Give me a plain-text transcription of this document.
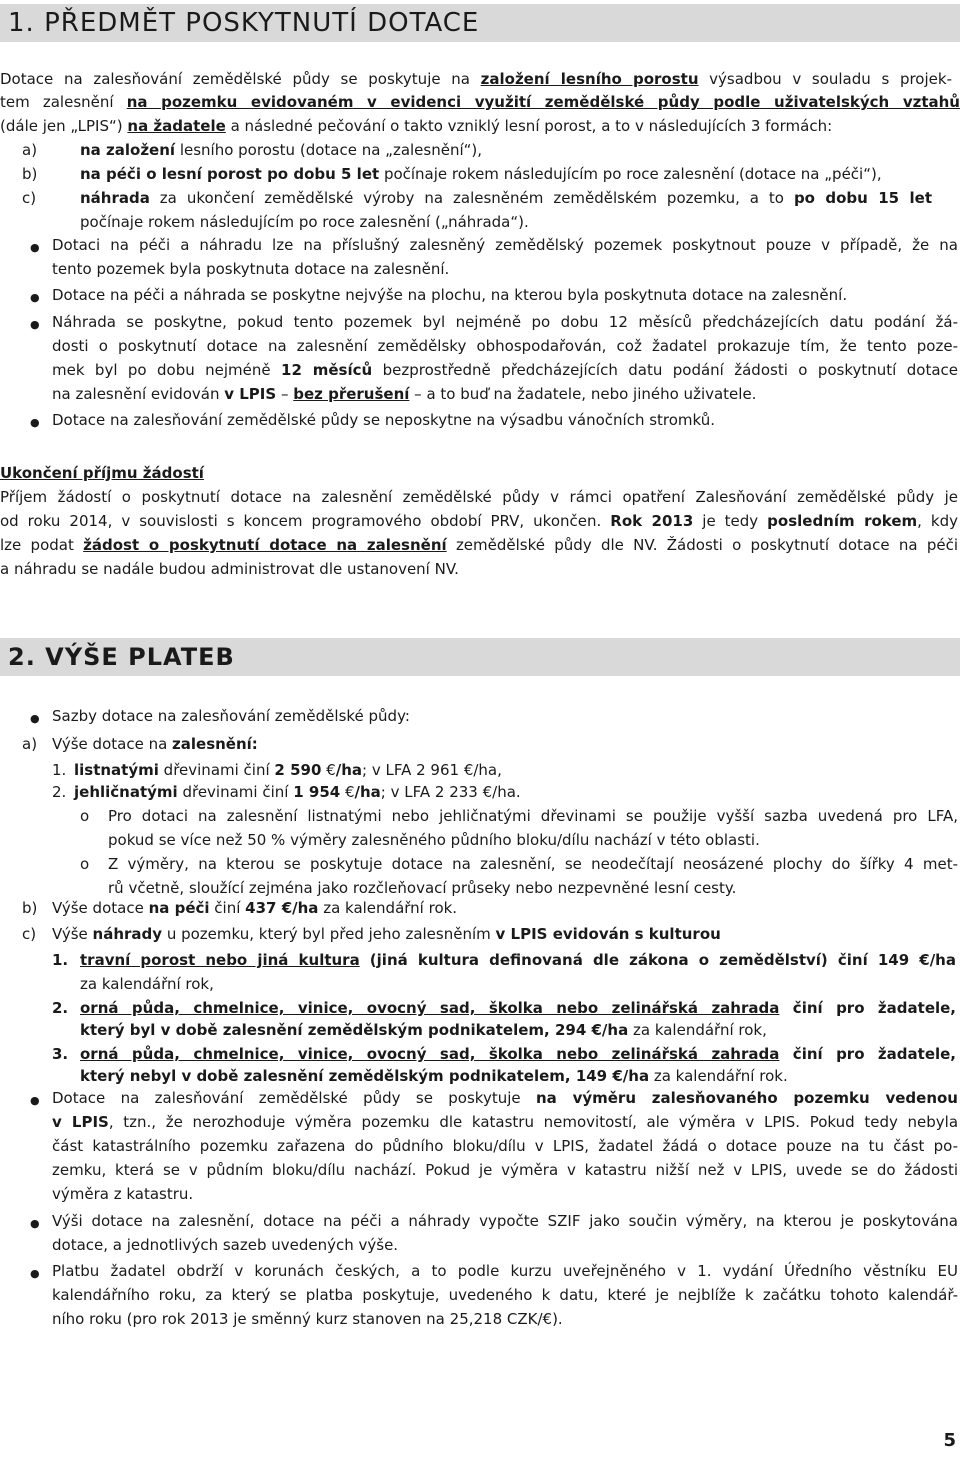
1. PŘEDMĚT POSKYTNUTÍ DOTACE
Dotace na zalesňování zemědělské půdy se poskytuje na založení lesního porostu výsadbou v souladu s projek-
tem zalesnění na pozemku evidovaném v evidenci využití zemědělské půdy podle uživatelských vztahů
(dále jen „LPIS“) na žadatele a následné pečování o takto vzniklý lesní porost, a to v následujících 3 formách:
a)	na založení lesního porostu (dotace na „zalesnění“),
b)	na péči o lesní porost po dobu 5 let počínaje rokem následujícím po roce zalesnění (dotace na „péči“),
c)	náhrada za ukončení zemědělské výroby na zalesněném zemědělském pozemku, a to po dobu 15 let
počínaje rokem následujícím po roce zalesnění („náhrada“).
● Dotaci na péči a náhradu lze na příslušný zalesněný zemědělský pozemek poskytnout pouze v případě, že na
tento pozemek byla poskytnuta dotace na zalesnění.
● Dotace na péči a náhrada se poskytne nejvýše na plochu, na kterou byla poskytnuta dotace na zalesnění.
● Náhrada se poskytne, pokud tento pozemek byl nejméně po dobu 12 měsíců předcházejících datu podání žá-
dosti o poskytnutí dotace na zalesnění zemědělsky obhospodařován, což žadatel prokazuje tím, že tento poze-
mek byl po dobu nejméně 12 měsíců bezprostředně předcházejících datu podání žádosti o poskytnutí dotace
na zalesnění evidován v LPIS – bez přerušení – a to buď na žadatele, nebo jiného uživatele.
● Dotace na zalesňování zemědělské půdy se neposkytne na výsadbu vánočních stromků.
Ukončení příjmu žádostí
Příjem žádostí o poskytnutí dotace na zalesnění zemědělské půdy v rámci opatření Zalesňování zemědělské půdy je
od roku 2014, v souvislosti s koncem programového období PRV, ukončen. Rok 2013 je tedy posledním rokem, kdy
lze podat žádost o poskytnutí dotace na zalesnění zemědělské půdy dle NV. Žádosti o poskytnutí dotace na péči
a náhradu se nadále budou administrovat dle ustanovení NV.
2. VÝŠE PLATEB
● Sazby dotace na zalesňování zemědělské půdy:
a) Výše dotace na zalesnění:
1. listnatými dřevinami činí 2 590 €/ha; v LFA 2 961 €/ha,
2. jehličnatými dřevinami činí 1 954 €/ha; v LFA 2 233 €/ha.
o Pro dotaci na zalesnění listnatými nebo jehličnatými dřevinami se použije vyšší sazba uvedená pro LFA,
pokud se více než 50 % výměry zalesněného půdního bloku/dílu nachází v této oblasti.
o Z výměry, na kterou se poskytuje dotace na zalesnění, se neodečítají neosázené plochy do šířky 4 met-
rů včetně, sloužící zejména jako rozčleňovací průseky nebo nezpevněné lesní cesty.
b) Výše dotace na péči činí 437 €/ha za kalendářní rok.
c) Výše náhrady u pozemku, který byl před jeho zalesněním v LPIS evidován s kulturou
1. travní porost nebo jiná kultura (jiná kultura definovaná dle zákona o zemědělství) činí 149 €/ha
za kalendářní rok,
2. orná půda, chmelnice, vinice, ovocný sad, školka nebo zelinářská zahrada činí pro žadatele,
který byl v době zalesnění zemědělským podnikatelem, 294 €/ha za kalendářní rok,
3. orná půda, chmelnice, vinice, ovocný sad, školka nebo zelinářská zahrada činí pro žadatele,
který nebyl v době zalesnění zemědělským podnikatelem, 149 €/ha za kalendářní rok.
● Dotace na zalesňování zemědělské půdy se poskytuje na výměru zalesňovaného pozemku vedenou
v LPIS, tzn., že nerozhoduje výměra pozemku dle katastru nemovitostí, ale výměra v LPIS. Pokud tedy nebyla
část katastrálního pozemku zařazena do půdního bloku/dílu v LPIS, žadatel žádá o dotace pouze na tu část po-
zemku, která se v půdním bloku/dílu nachází. Pokud je výměra v katastru nižší než v LPIS, uvede se do žádosti
výměra z katastru.
● Výši dotace na zalesnění, dotace na péči a náhrady vypočte SZIF jako součin výměry, na kterou je poskytována
dotace, a jednotlivých sazeb uvedených výše.
● Platbu žadatel obdrží v korunách českých, a to podle kurzu uveřejněného v 1. vydání Úředního věstníku EU
kalendářního roku, za který se platba poskytuje, uvedeného k datu, které je nejblíže k začátku tohoto kalendář-
ního roku (pro rok 2013 je směnný kurz stanoven na 25,218 CZK/€).
5
